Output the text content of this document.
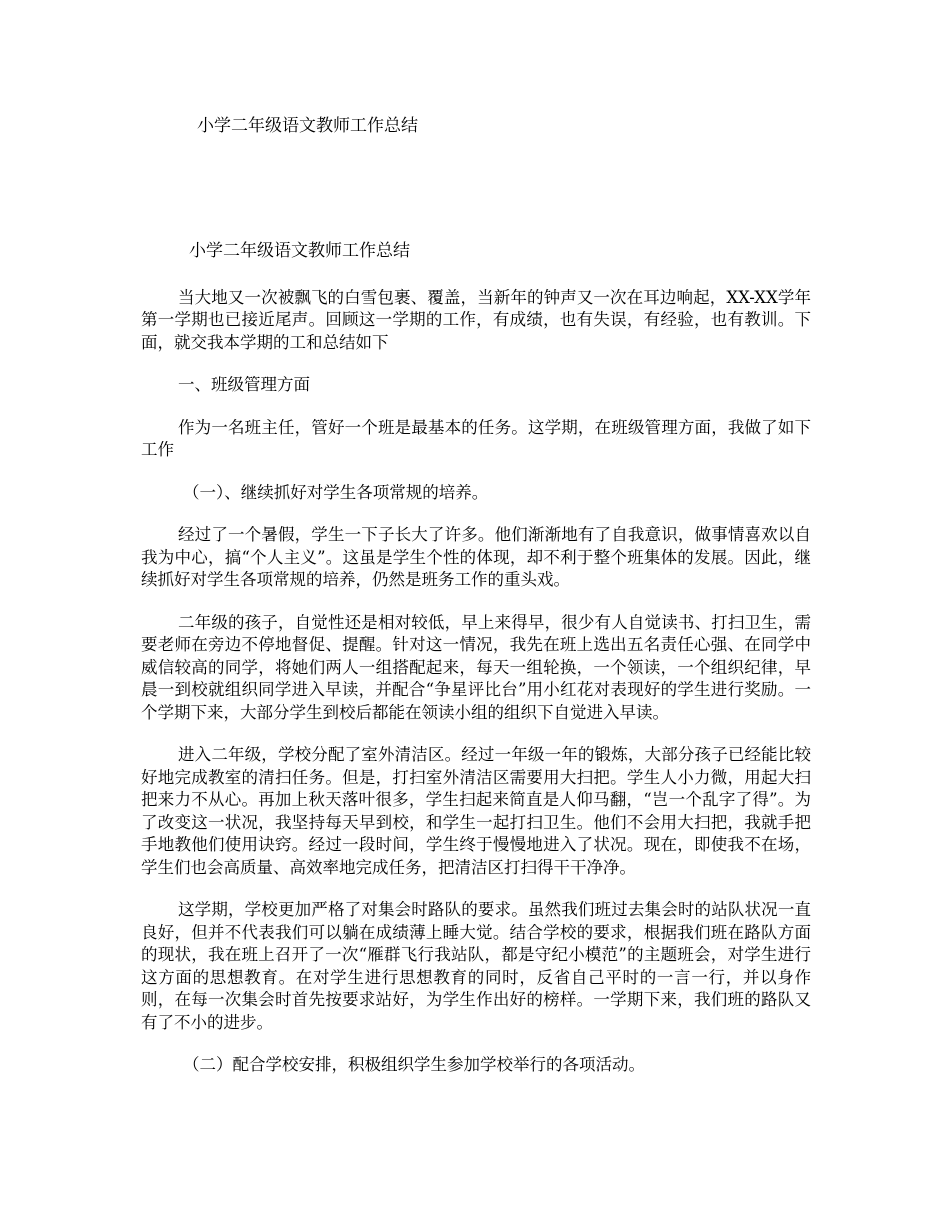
小学二年级语文教师工作总结

小学二年级语文教师工作总结

当大地又一次被飘飞的白雪包裹、覆盖，当新年的钟声又一次在耳边响起，XX-XX学年第一学期也已接近尾声。回顾这一学期的工作，有成绩，也有失误，有经验，也有教训。下面，就交我本学期的工和总结如下

一、班级管理方面

作为一名班主任，管好一个班是最基本的任务。这学期，在班级管理方面，我做了如下工作

（一）、继续抓好对学生各项常规的培养。

经过了一个暑假，学生一下子长大了许多。他们渐渐地有了自我意识，做事情喜欢以自我为中心，搞“个人主义”。这虽是学生个性的体现，却不利于整个班集体的发展。因此，继续抓好对学生各项常规的培养，仍然是班务工作的重头戏。

二年级的孩子，自觉性还是相对较低，早上来得早，很少有人自觉读书、打扫卫生，需要老师在旁边不停地督促、提醒。针对这一情况，我先在班上选出五名责任心强、在同学中威信较高的同学，将她们两人一组搭配起来，每天一组轮换，一个领读，一个组织纪律，早晨一到校就组织同学进入早读，并配合“争星评比台”用小红花对表现好的学生进行奖励。一个学期下来，大部分学生到校后都能在领读小组的组织下自觉进入早读。

进入二年级，学校分配了室外清洁区。经过一年级一年的锻炼，大部分孩子已经能比较好地完成教室的清扫任务。但是，打扫室外清洁区需要用大扫把。学生人小力微，用起大扫把来力不从心。再加上秋天落叶很多，学生扫起来简直是人仰马翻，“岂一个乱字了得”。为了改变这一状况，我坚持每天早到校，和学生一起打扫卫生。他们不会用大扫把，我就手把手地教他们使用诀窍。经过一段时间，学生终于慢慢地进入了状况。现在，即使我不在场，学生们也会高质量、高效率地完成任务，把清洁区打扫得干干净净。

这学期，学校更加严格了对集会时路队的要求。虽然我们班过去集会时的站队状况一直良好，但并不代表我们可以躺在成绩薄上睡大觉。结合学校的要求，根据我们班在路队方面的现状，我在班上召开了一次“雁群飞行我站队，都是守纪小模范”的主题班会，对学生进行这方面的思想教育。在对学生进行思想教育的同时，反省自己平时的一言一行，并以身作则，在每一次集会时首先按要求站好，为学生作出好的榜样。一学期下来，我们班的路队又有了不小的进步。

（二）配合学校安排，积极组织学生参加学校举行的各项活动。
